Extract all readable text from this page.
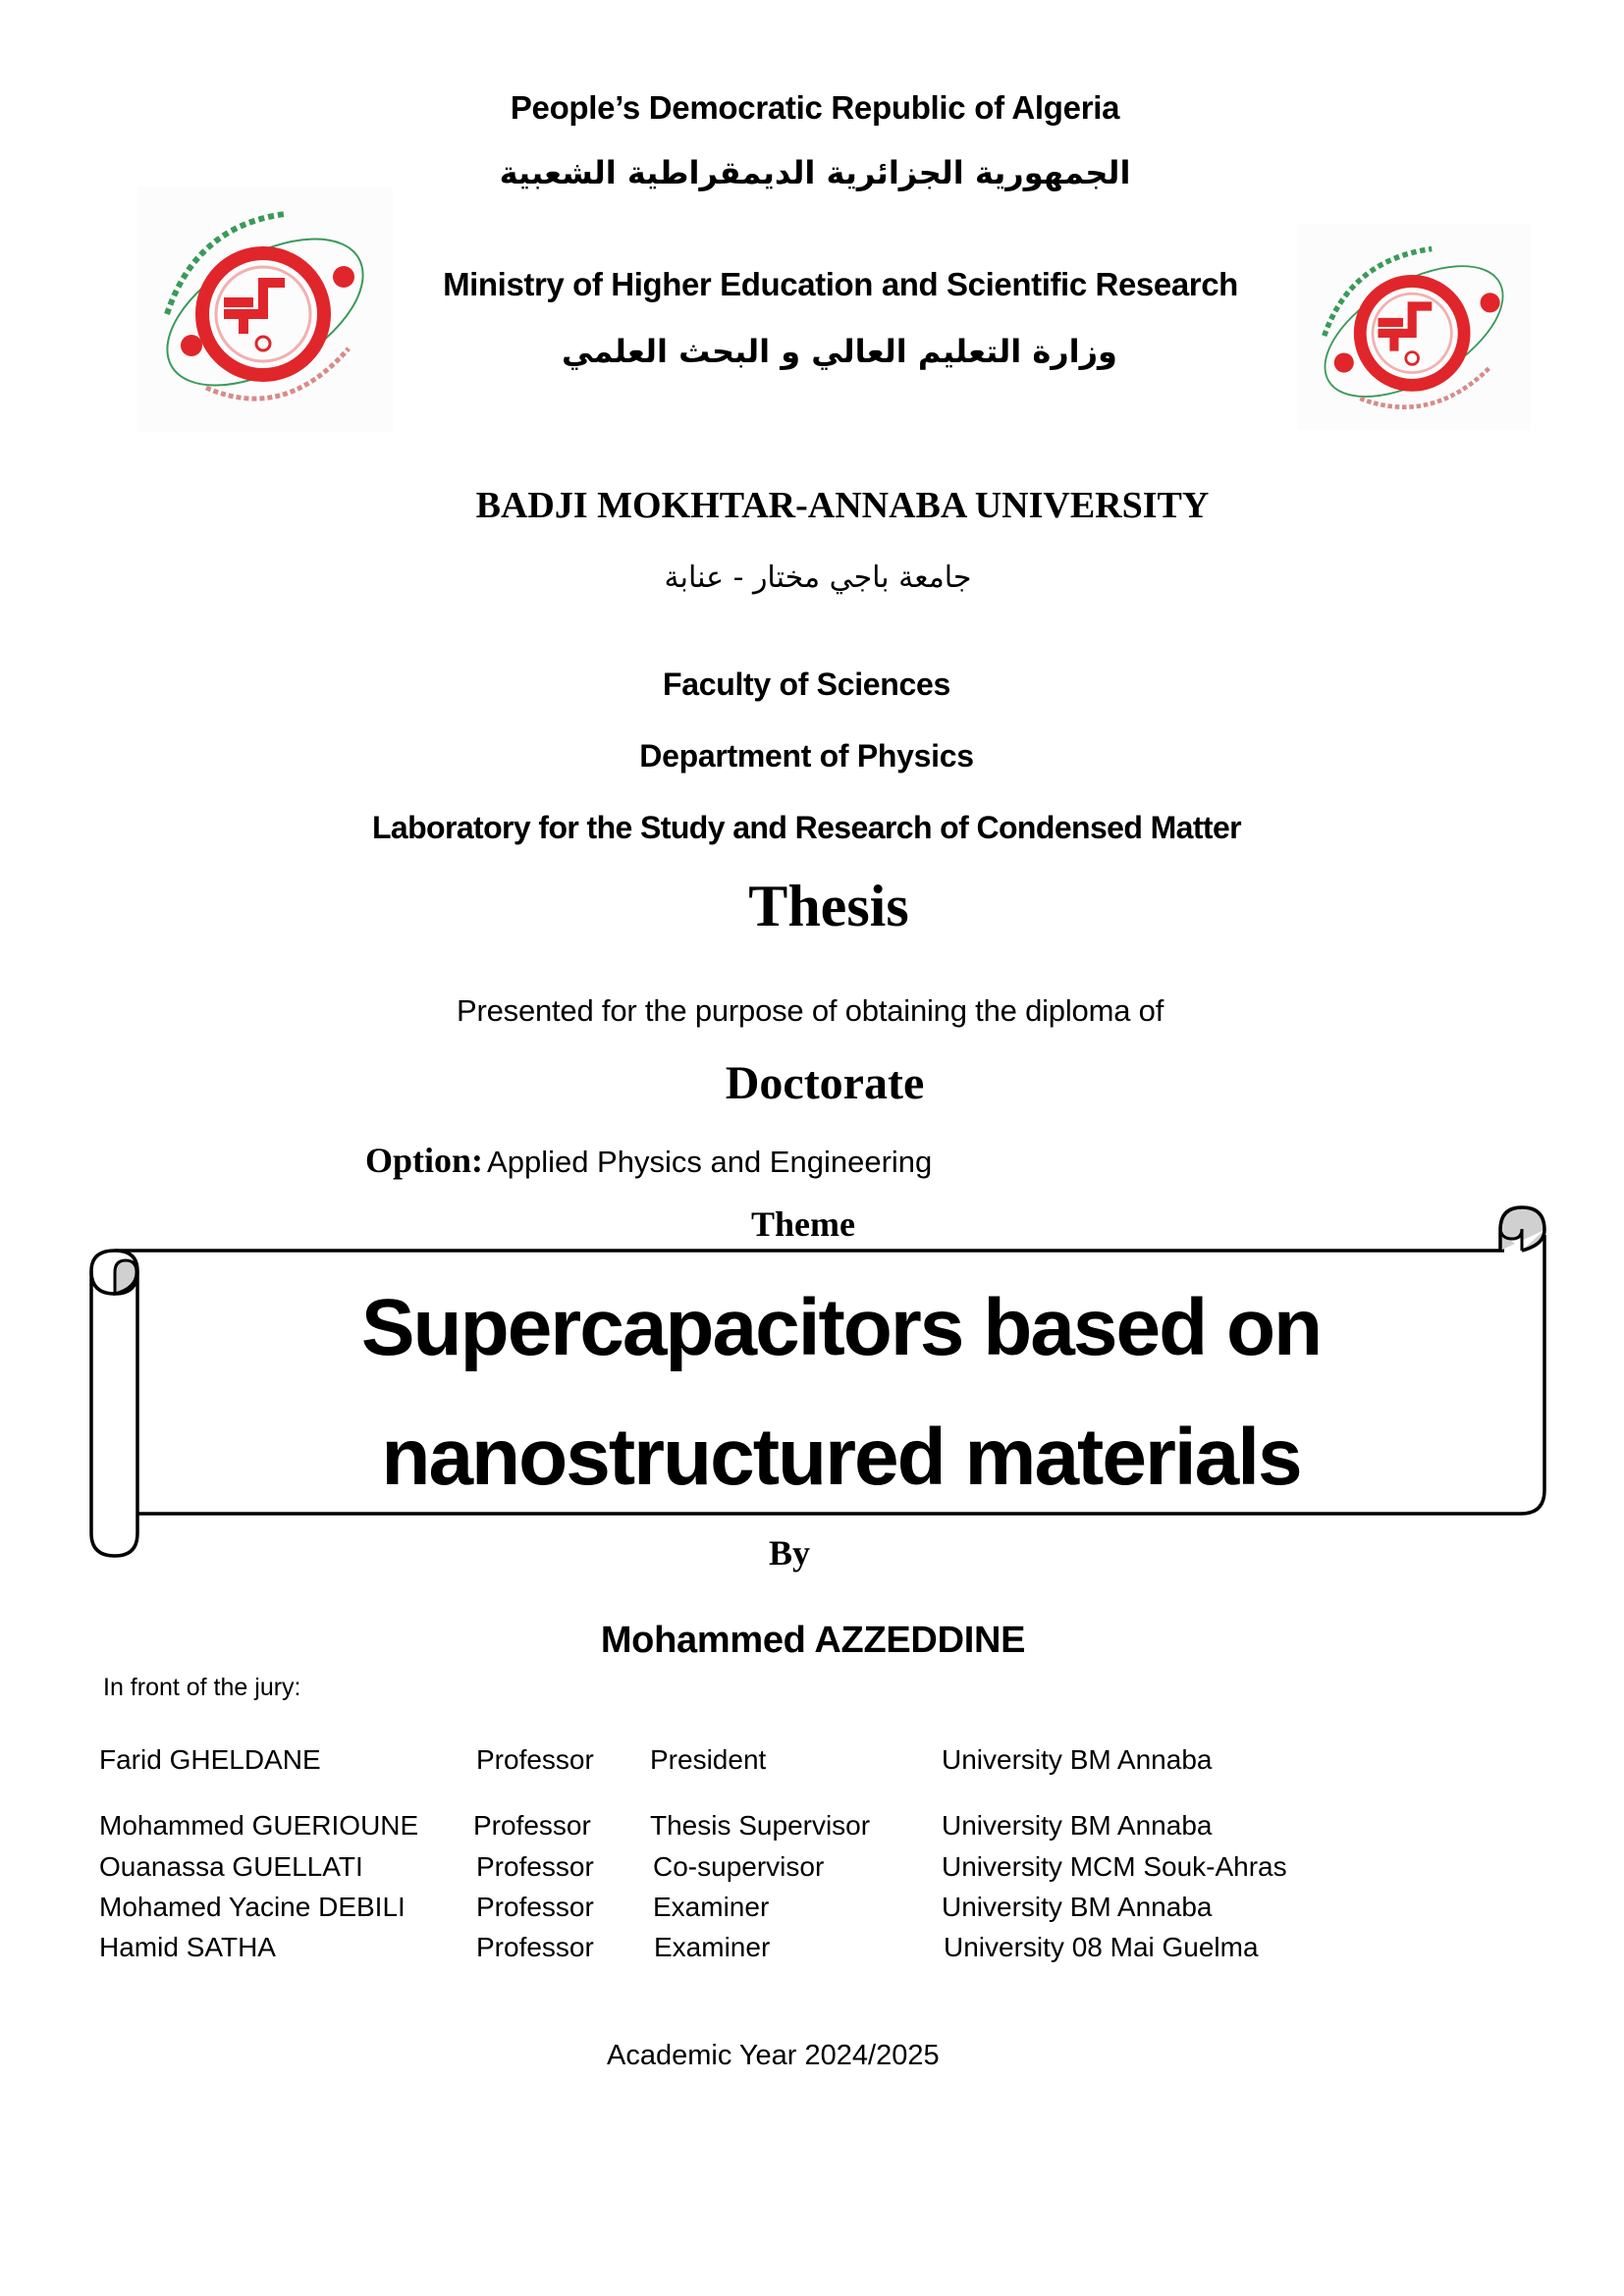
People’s Democratic Republic of Algeria
الجمهورية الجزائرية الديمقراطية الشعبية
Ministry of Higher Education and Scientific Research
وزارة التعليم العالي و البحث العلمي
BADJI MOKHTAR-ANNABA UNIVERSITY
جامعة باجي مختار - عنابة
Faculty of Sciences
Department of Physics
Laboratory for the Study and Research of Condensed Matter
Thesis
Presented for the purpose of obtaining the diploma of
Doctorate
Option: Applied Physics and Engineering
Theme
Supercapacitors based on
nanostructured materials
By
Mohammed AZZEDDINE
In front of the jury:
Farid GHELDANE	Professor President	University BM Annaba
Mohammed GUERIOUNE Professor Thesis Supervisor	University BM Annaba
Ouanassa GUELLATI	Professor Co-supervisor	University MCM Souk-Ahras
Mohamed Yacine DEBILI	Professor Examiner	University BM Annaba
Hamid SATHA	Professor Examiner	University 08 Mai Guelma
Academic Year 2024/2025
